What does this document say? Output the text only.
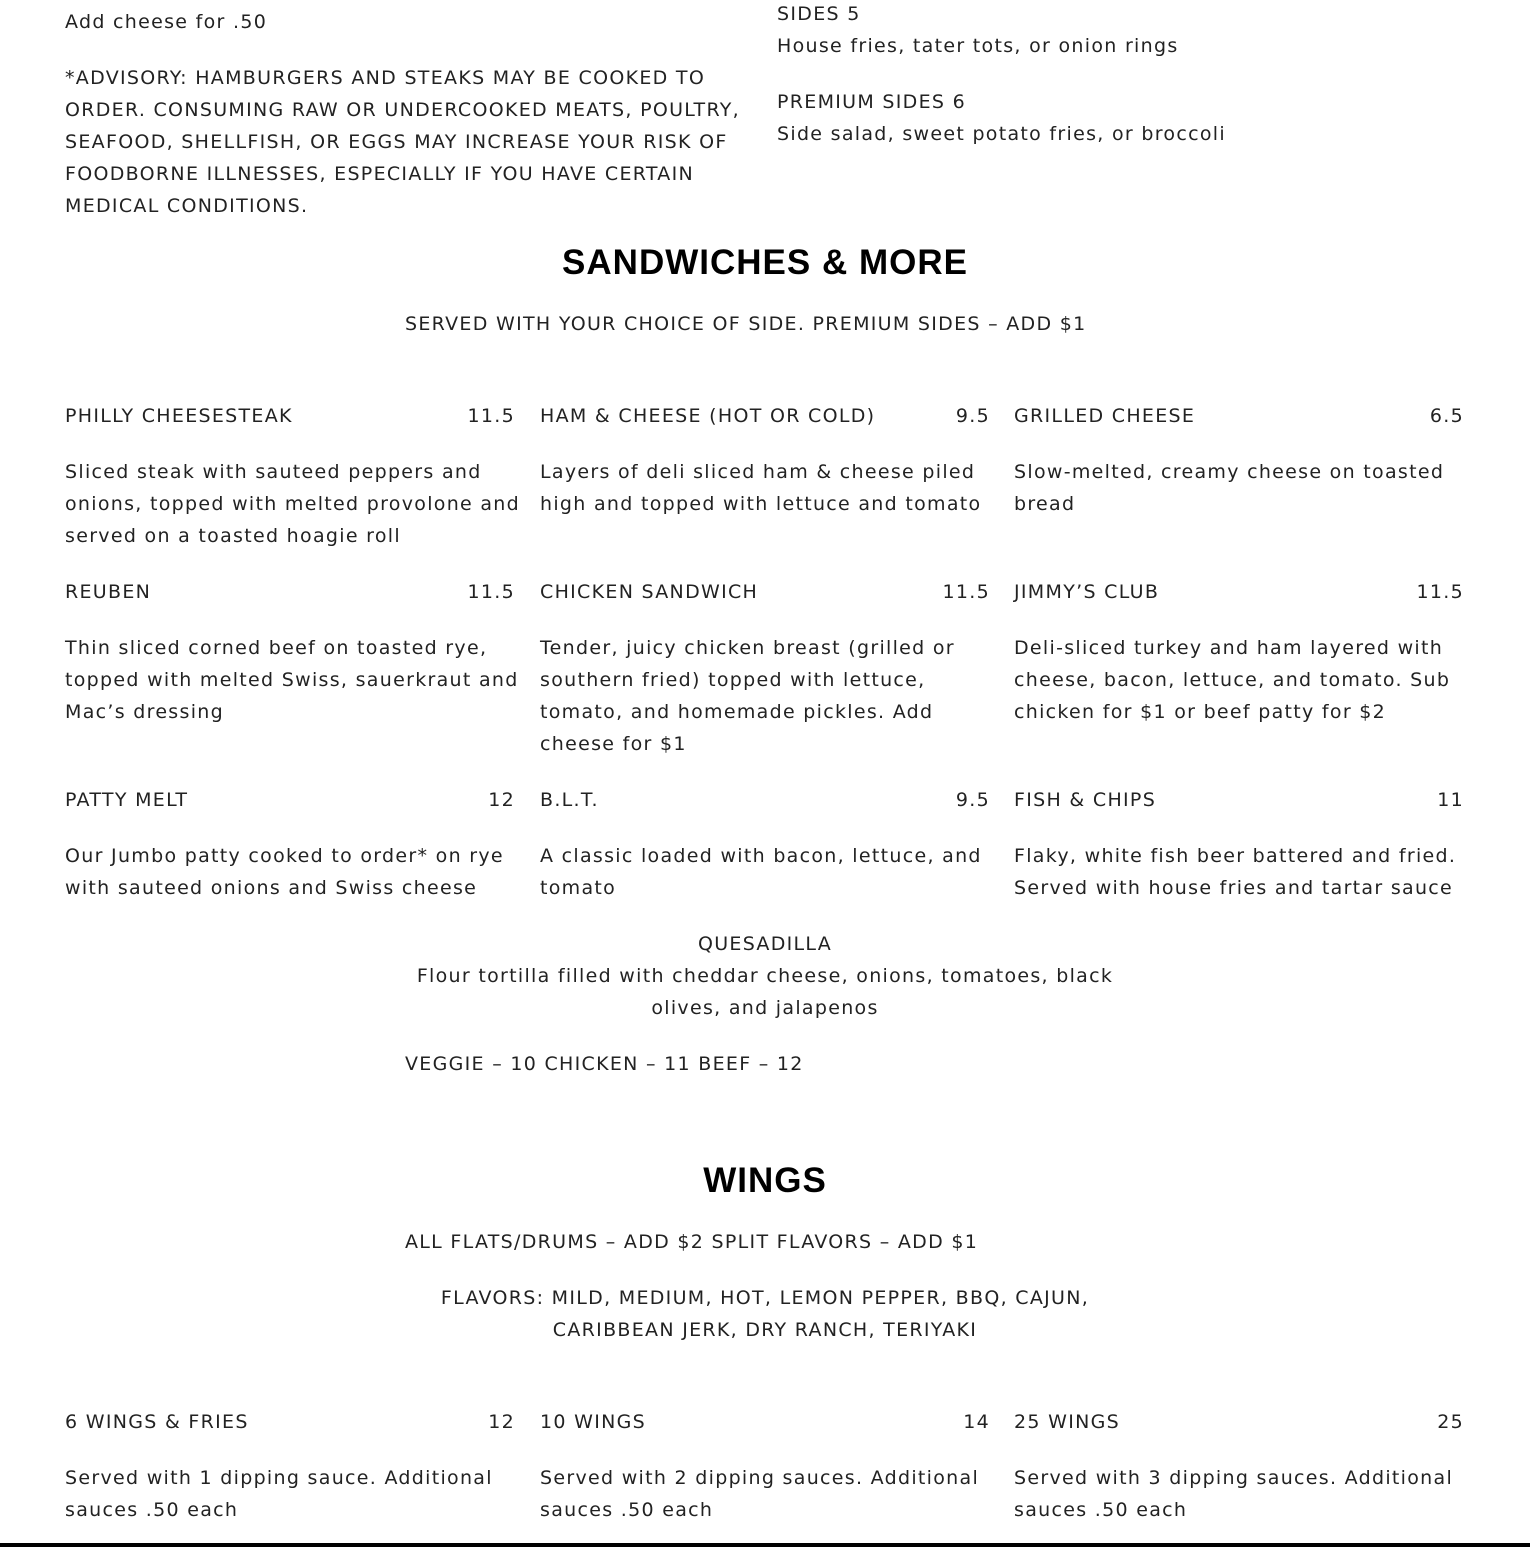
Add cheese for .50
*ADVISORY: HAMBURGERS AND STEAKS MAY BE COOKED TO
ORDER. CONSUMING RAW OR UNDERCOOKED MEATS, POULTRY,
SEAFOOD, SHELLFISH, OR EGGS MAY INCREASE YOUR RISK OF
FOODBORNE ILLNESSES, ESPECIALLY IF YOU HAVE CERTAIN
MEDICAL CONDITIONS.
SIDES 5
House fries, tater tots, or onion rings
PREMIUM SIDES 6
Side salad, sweet potato fries, or broccoli
SANDWICHES & MORE
SERVED WITH YOUR CHOICE OF SIDE. PREMIUM SIDES – ADD $1
PHILLY CHEESESTEAK	11.5
Sliced steak with sauteed peppers and
onions, topped with melted provolone and
served on a toasted hoagie roll
HAM & CHEESE (HOT OR COLD)	9.5
Layers of deli sliced ham & cheese piled
high and topped with lettuce and tomato
GRILLED CHEESE	6.5
Slow-melted, creamy cheese on toasted
bread
REUBEN	11.5
Thin sliced corned beef on toasted rye,
topped with melted Swiss, sauerkraut and
Mac’s dressing
CHICKEN SANDWICH	11.5
Tender, juicy chicken breast (grilled or
southern fried) topped with lettuce,
tomato, and homemade pickles. Add
cheese for $1
JIMMY’S CLUB	11.5
Deli-sliced turkey and ham layered with
cheese, bacon, lettuce, and tomato. Sub
chicken for $1 or beef patty for $2
PATTY MELT	12
Our Jumbo patty cooked to order* on rye
with sauteed onions and Swiss cheese
B.L.T.	9.5
A classic loaded with bacon, lettuce, and
tomato
FISH & CHIPS	11
Flaky, white fish beer battered and fried.
Served with house fries and tartar sauce
QUESADILLA
Flour tortilla filled with cheddar cheese, onions, tomatoes, black
olives, and jalapenos
VEGGIE – 10 CHICKEN – 11 BEEF – 12
WINGS
ALL FLATS/DRUMS – ADD $2 SPLIT FLAVORS – ADD $1
FLAVORS: MILD, MEDIUM, HOT, LEMON PEPPER, BBQ, CAJUN,
CARIBBEAN JERK, DRY RANCH, TERIYAKI
6 WINGS & FRIES	12
Served with 1 dipping sauce. Additional
sauces .50 each
10 WINGS	14
Served with 2 dipping sauces. Additional
sauces .50 each
25 WINGS	25
Served with 3 dipping sauces. Additional
sauces .50 each
